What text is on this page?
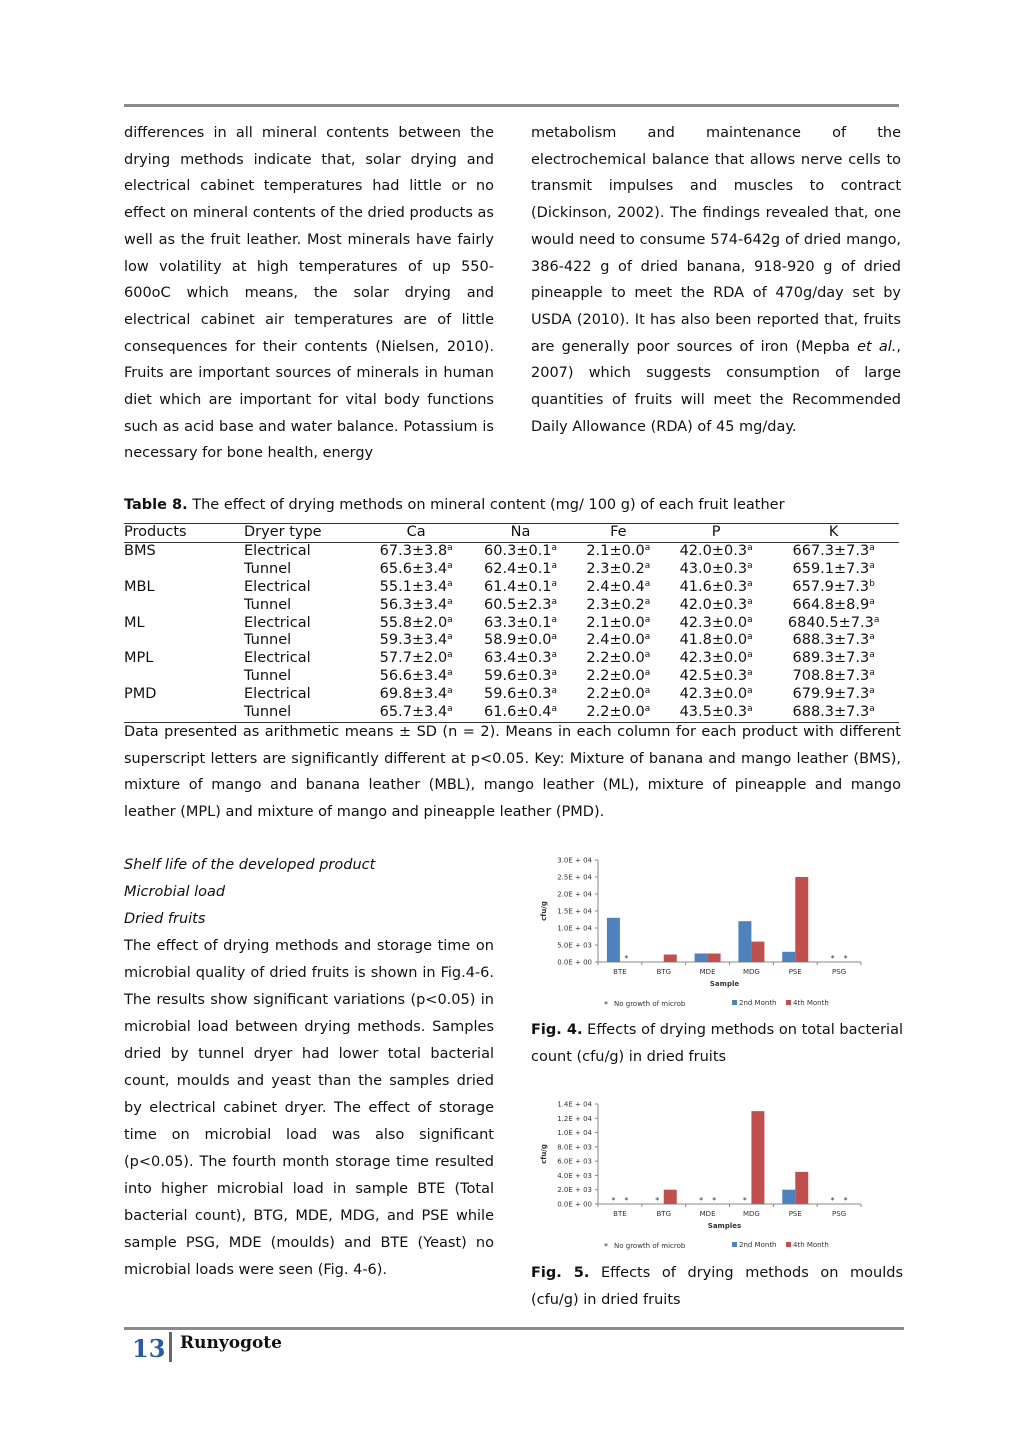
differences in all mineral contents between the drying methods indicate that, solar drying and electrical cabinet temperatures had little or no effect on mineral contents of the dried products as well as the fruit leather. Most minerals have fairly low volatility at high temperatures of up 550-600oC which means, the solar drying and electrical cabinet air temperatures are of little consequences for their contents (Nielsen, 2010). Fruits are important sources of minerals in human diet which are important for vital body functions such as acid base and water balance. Potassium is necessary for bone health, energy

metabolism and maintenance of the electrochemical balance that allows nerve cells to transmit impulses and muscles to contract (Dickinson, 2002). The findings revealed that, one would need to consume 574-642g of dried mango, 386-422 g of dried banana, 918-920 g of dried pineapple to meet the RDA of 470g/day set by USDA (2010). It has also been reported that, fruits are generally poor sources of iron (Mepba et al., 2007) which suggests consumption of large quantities of fruits will meet the Recommended Daily Allowance (RDA) of 45 mg/day.

Table 8. The effect of drying methods on mineral content (mg/ 100 g) of each fruit leather
Products	Dryer type	Ca	Na	Fe	P	K
BMS	Electrical	67.3±3.8$^a$	60.3±0.1$^a$	2.1±0.0$^a$	42.0±0.3$^a$	667.3±7.3$^a$
	Tunnel	65.6±3.4$^a$	62.4±0.1$^a$	2.3±0.2$^a$	43.0±0.3$^a$	659.1±7.3$^a$
MBL	Electrical	55.1±3.4$^a$	61.4±0.1$^a$	2.4±0.4$^a$	41.6±0.3$^a$	657.9±7.3$^b$
	Tunnel	56.3±3.4$^a$	60.5±2.3$^a$	2.3±0.2$^a$	42.0±0.3$^a$	664.8±8.9$^a$
ML	Electrical	55.8±2.0$^a$	63.3±0.1$^a$	2.1±0.0$^a$	42.3±0.0$^a$	6840.5±7.3$^a$
	Tunnel	59.3±3.4$^a$	58.9±0.0$^a$	2.4±0.0$^a$	41.8±0.0$^a$	688.3±7.3$^a$
MPL	Electrical	57.7±2.0$^a$	63.4±0.3$^a$	2.2±0.0$^a$	42.3±0.0$^a$	689.3±7.3$^a$
	Tunnel	56.6±3.4$^a$	59.6±0.3$^a$	2.2±0.0$^a$	42.5±0.3$^a$	708.8±7.3$^a$
PMD	Electrical	69.8±3.4$^a$	59.6±0.3$^a$	2.2±0.0$^a$	42.3±0.0$^a$	679.9±7.3$^a$
	Tunnel	65.7±3.4$^a$	61.6±0.4$^a$	2.2±0.0$^a$	43.5±0.3$^a$	688.3±7.3$^a$
Data presented as arithmetic means ± SD (n = 2). Means in each column for each product with different superscript letters are significantly different at p<0.05. Key: Mixture of banana and mango leather (BMS), mixture of mango and banana leather (MBL), mango leather (ML), mixture of pineapple and mango leather (MPL) and mixture of mango and pineapple leather (PMD).

Shelf life of the developed product

Microbial load

Dried fruits

The effect of drying methods and storage time on microbial quality of dried fruits is shown in Fig.4-6. The results show significant variations (p<0.05) in microbial load between drying methods. Samples dried by tunnel dryer had lower total bacterial count, moulds and yeast than the samples dried by electrical cabinet dryer. The effect of storage time on microbial load was also significant (p<0.05). The fourth month storage time resulted into higher microbial load in sample BTE (Total bacterial count), BTG, MDE, MDG, and PSE while sample PSG, MDE (moulds) and BTE (Yeast) no microbial loads were seen (Fig. 4-6).

0.0E + 00
5.0E + 03
1.0E + 04
1.5E + 04
2.0E + 04
2.5E + 04
3.0E + 04
cfu/g
*
BTE	BTG	MDE	MDG	PSE
* *
PSG
Sample
* No growth of microb	2nd Month 4th Month
Fig. 4. Effects of drying methods on total bacterial count (cfu/g) in dried fruits
0.0E + 00
2.0E + 03
4.0E + 03
6.0E + 03
8.0E + 03
1.0E + 04
1.2E + 04
1.4E + 04
cfu/g
* *
BTE
*
BTG
* *
MDE
*
MDG	PSE
* *
PSG
Samples
* No growth of microb	2nd Month 4th Month
Fig. 5. Effects of drying methods on moulds (cfu/g) in dried fruits
13 Runyogote
